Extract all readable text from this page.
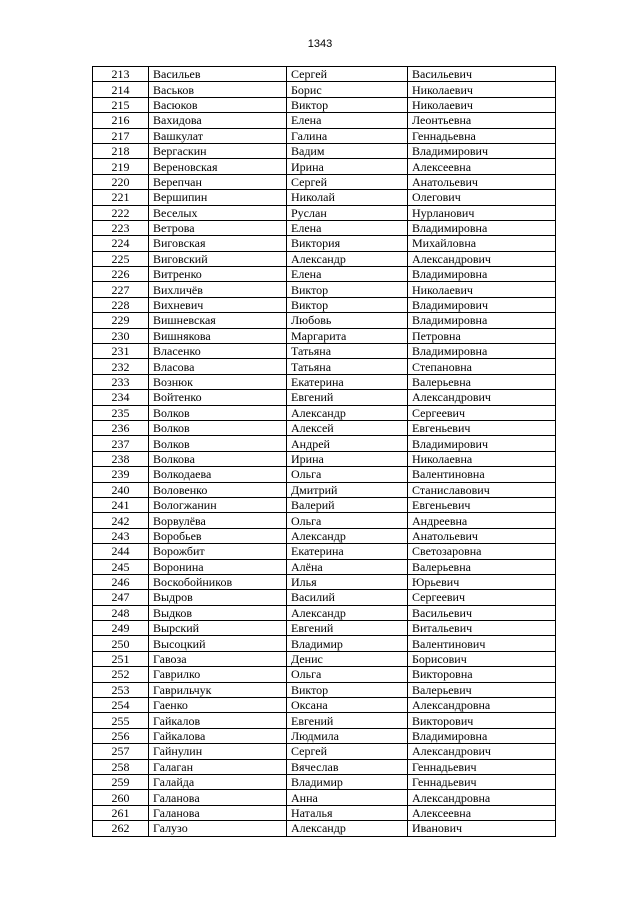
1343
213	Васильев	Сергей	Васильевич
214	Васьков	Борис	Николаевич
215	Васюков	Виктор	Николаевич
216	Вахидова	Елена	Леонтьевна
217	Вашкулат	Галина	Геннадьевна
218	Вергаскин	Вадим	Владимирович
219	Вереновская	Ирина	Алексеевна
220	Верепчан	Сергей	Анатольевич
221	Вершипин	Николай	Олегович
222	Веселых	Руслан	Нурланович
223	Ветрова	Елена	Владимировна
224	Виговская	Виктория	Михайловна
225	Виговский	Александр	Александрович
226	Витренко	Елена	Владимировна
227	Вихличёв	Виктор	Николаевич
228	Вихневич	Виктор	Владимирович
229	Вишневская	Любовь	Владимировна
230	Вишнякова	Маргарита	Петровна
231	Власенко	Татьяна	Владимировна
232	Власова	Татьяна	Степановна
233	Вознюк	Екатерина	Валерьевна
234	Войтенко	Евгений	Александрович
235	Волков	Александр	Сергеевич
236	Волков	Алексей	Евгеньевич
237	Волков	Андрей	Владимирович
238	Волкова	Ирина	Николаевна
239	Волкодаева	Ольга	Валентиновна
240	Воловенко	Дмитрий	Станиславович
241	Вологжанин	Валерий	Евгеньевич
242	Ворвулёва	Ольга	Андреевна
243	Воробьев	Александр	Анатольевич
244	Ворожбит	Екатерина	Светозаровна
245	Воронина	Алёна	Валерьевна
246	Воскобойников	Илья	Юрьевич
247	Выдров	Василий	Сергеевич
248	Выдков	Александр	Васильевич
249	Вырский	Евгений	Витальевич
250	Высоцкий	Владимир	Валентинович
251	Гавоза	Денис	Борисович
252	Гаврилко	Ольга	Викторовна
253	Гаврильчук	Виктор	Валерьевич
254	Гаенко	Оксана	Александровна
255	Гайкалов	Евгений	Викторович
256	Гайкалова	Людмила	Владимировна
257	Гайнулин	Сергей	Александрович
258	Галаган	Вячеслав	Геннадьевич
259	Галайда	Владимир	Геннадьевич
260	Галанова	Анна	Александровна
261	Галанова	Наталья	Алексеевна
262	Галузо	Александр	Иванович
